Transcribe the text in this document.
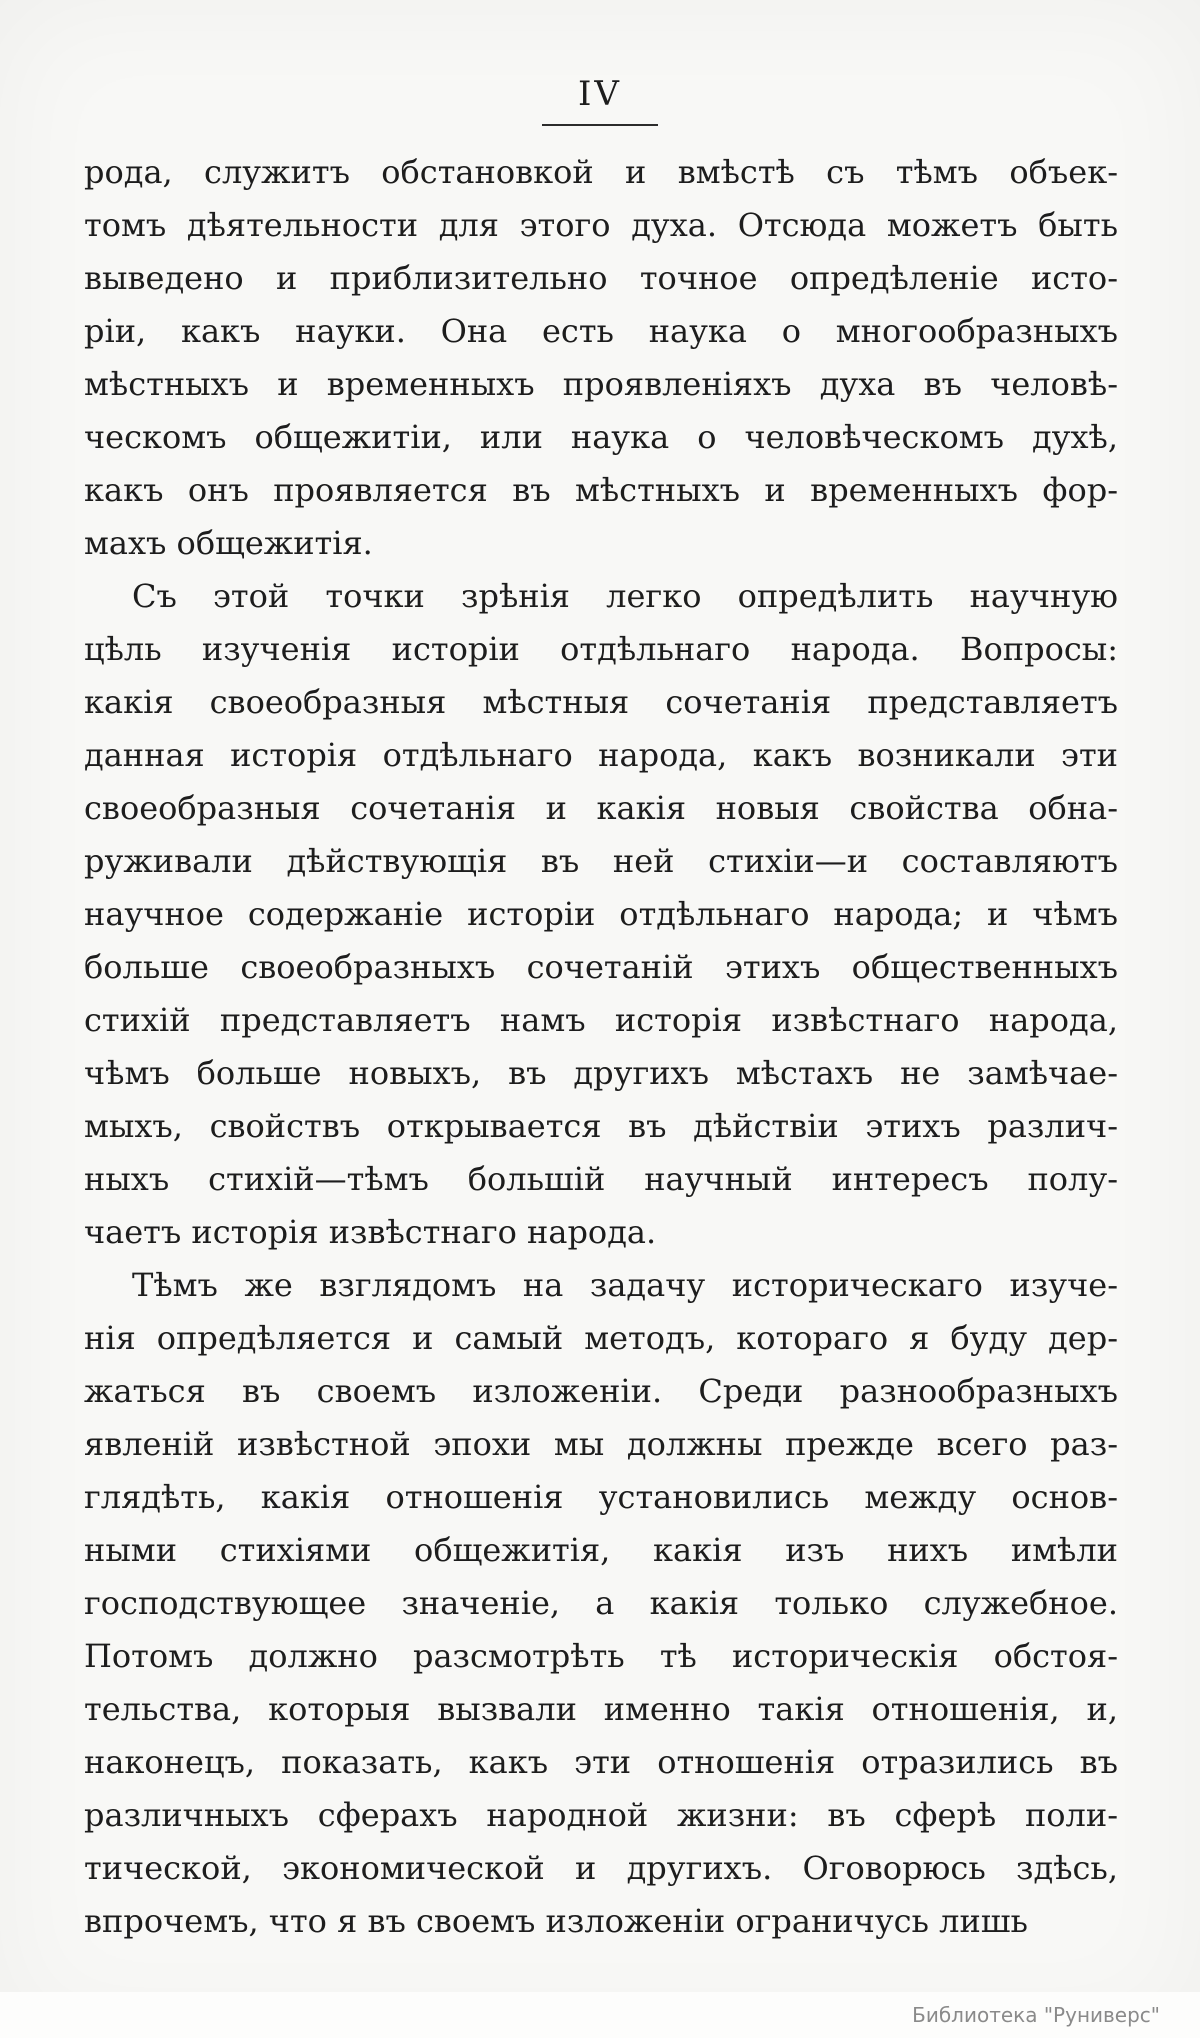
IV
рода, служитъ обстановкой и вмѣстѣ съ тѣмъ объек-
томъ дѣятельности для этого духа. Отсюда можетъ быть
выведено и приблизительно точное опредѣленіе исто-
ріи, какъ науки. Она есть наука о многообразныхъ
мѣстныхъ и временныхъ проявленіяхъ духа въ человѣ-
ческомъ общежитіи, или наука о человѣческомъ духѣ,
какъ онъ проявляется въ мѣстныхъ и временныхъ фор-
махъ общежитія.
Съ этой точки зрѣнія легко опредѣлить научную
цѣль изученія исторіи отдѣльнаго народа. Вопросы:
какія своеобразныя мѣстныя сочетанія представляетъ
данная исторія отдѣльнаго народа, какъ возникали эти
своеобразныя сочетанія и какія новыя свойства обна-
руживали дѣйствующія въ ней стихіи—и составляютъ
научное содержаніе исторіи отдѣльнаго народа; и чѣмъ
больше своеобразныхъ сочетаній этихъ общественныхъ
стихій представляетъ намъ исторія извѣстнаго народа,
чѣмъ больше новыхъ, въ другихъ мѣстахъ не замѣчае-
мыхъ, свойствъ открывается въ дѣйствіи этихъ различ-
ныхъ стихій—тѣмъ большій научный интересъ полу-
чаетъ исторія извѣстнаго народа.
Тѣмъ же взглядомъ на задачу историческаго изуче-
нія опредѣляется и самый методъ, котораго я буду дер-
жаться въ своемъ изложеніи. Среди разнообразныхъ
явленій извѣстной эпохи мы должны прежде всего раз-
глядѣть, какія отношенія установились между основ-
ными стихіями общежитія, какія изъ нихъ имѣли
господствующее значеніе, а какія только служебное.
Потомъ должно разсмотрѣть тѣ историческія обстоя-
тельства, которыя вызвали именно такія отношенія, и,
наконецъ, показать, какъ эти отношенія отразились въ
различныхъ сферахъ народной жизни: въ сферѣ поли-
тической, экономической и другихъ. Оговорюсь здѣсь,
впрочемъ, что я въ своемъ изложеніи ограничусь лишь
Библиотека "Руниверс"
